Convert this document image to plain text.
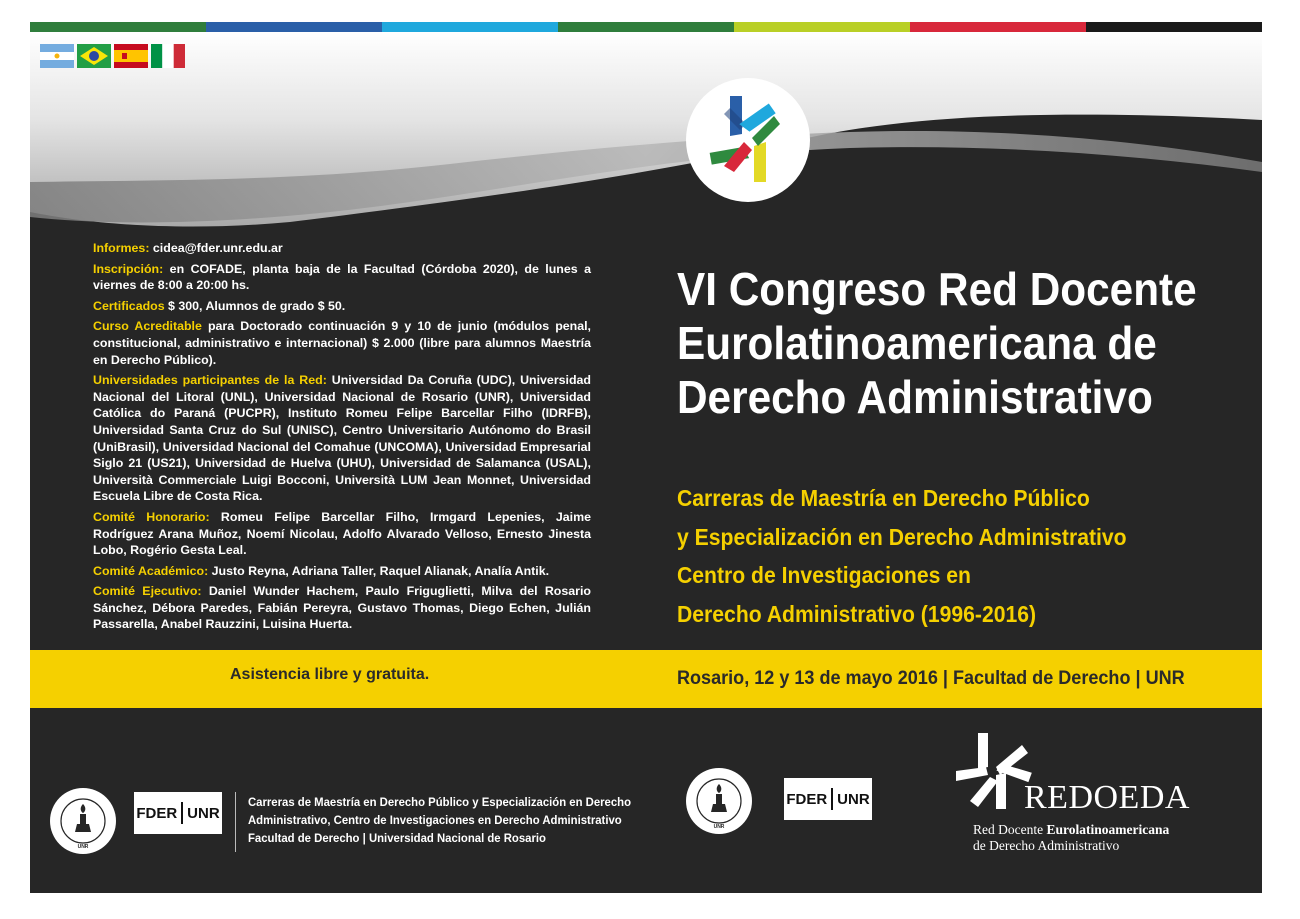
Informes: cidea@fder.unr.edu.ar

Inscripción: en COFADE, planta baja de la Facultad (Córdoba 2020), de lunes a viernes de 8:00 a 20:00 hs.

Certificados $ 300, Alumnos de grado $ 50.

Curso Acreditable para Doctorado continuación 9 y 10 de junio (módulos penal, constitucional, administrativo e internacional) $ 2.000 (libre para alumnos Maestría en Derecho Público).

Universidades participantes de la Red: Universidad Da Coruña (UDC), Universidad Nacional del Litoral (UNL), Universidad Nacional de Rosario (UNR), Universidad Católica do Paraná (PUCPR), Instituto Romeu Felipe Barcellar Filho (IDRFB), Universidad Santa Cruz do Sul (UNISC), Centro Universitario Autónomo do Brasil (UniBrasil), Universidad Nacional del Comahue (UNCOMA), Universidad Empresarial Siglo 21 (US21), Universidad de Huelva (UHU), Universidad de Salamanca (USAL), Università Commerciale Luigi Bocconi, Università LUM Jean Monnet, Universidad Escuela Libre de Costa Rica.

Comité Honorario: Romeu Felipe Barcellar Filho, Irmgard Lepenies, Jaime Rodríguez Arana Muñoz, Noemí Nicolau, Adolfo Alvarado Velloso, Ernesto Jinesta Lobo, Rogério Gesta Leal.

Comité Académico: Justo Reyna, Adriana Taller, Raquel Alianak, Analía Antik.

Comité Ejecutivo: Daniel Wunder Hachem, Paulo Friguglietti, Milva del Rosario Sánchez, Débora Paredes, Fabián Pereyra, Gustavo Thomas, Diego Echen, Julián Passarella, Anabel Rauzzini, Luisina Huerta.

VI Congreso Red Docente
Eurolatinoamericana de
Derecho Administrativo
Carreras de Maestría en Derecho Público
y Especialización en Derecho Administrativo
Centro de Investigaciones en
Derecho Administrativo (1996-2016)
Asistencia libre y gratuita.	Rosario, 12 y 13 de mayo 2016 | Facultad de Derecho | UNR
UNR
FDER UNR
Carreras de Maestría en Derecho Público y Especialización en Derecho
Administrativo, Centro de Investigaciones en Derecho Administrativo
Facultad de Derecho | Universidad Nacional de Rosario
UNR
FDER UNR	REDOEDA
Red Docente Eurolatinoamericana
de Derecho Administrativo
